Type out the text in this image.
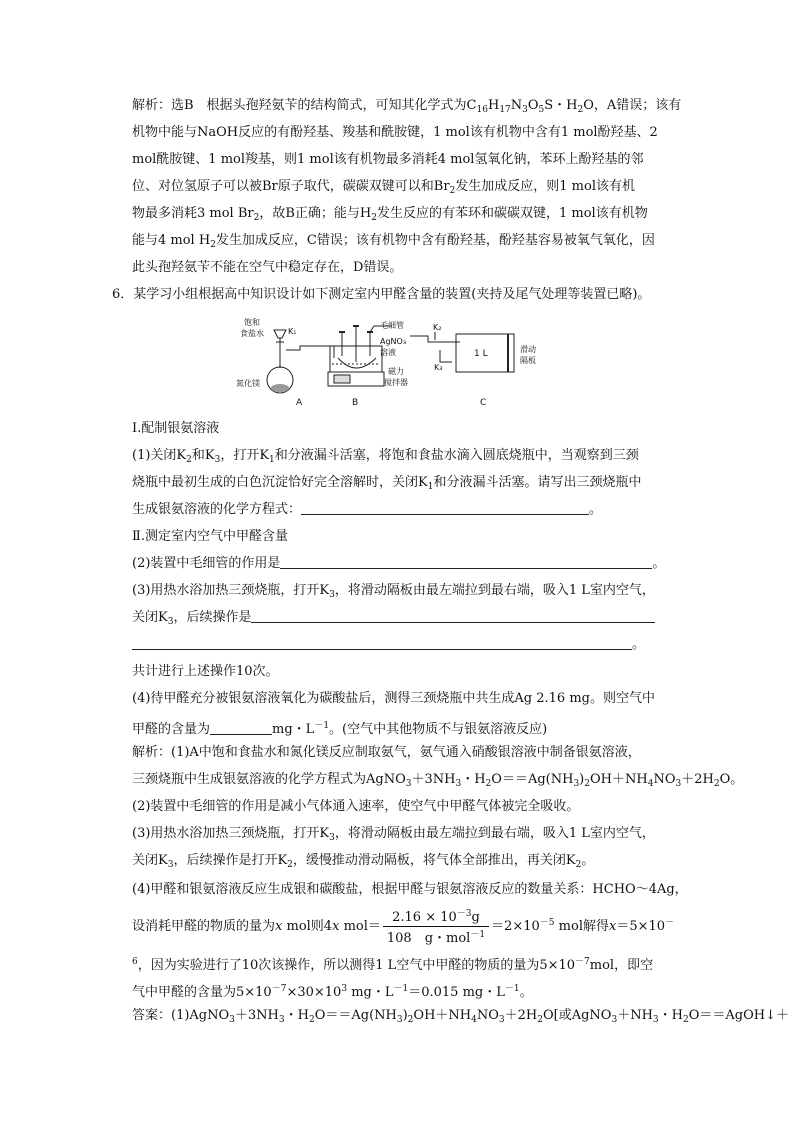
解析：选B　根据头孢羟氨苄的结构简式，可知其化学式为$C_{16}H_{17}N_3O_5S$・$H_2O$，A错误；该有
机物中能与NaOH反应的有酚羟基、羧基和酰胺键，1 mol该有机物中含有1 mol酚羟基、2
mol酰胺键、1 mol羧基，则1 mol该有机物最多消耗4 mol氢氧化钠，苯环上酚羟基的邻
位、对位氢原子可以被Br原子取代，碳碳双键可以和$Br_2$发生加成反应，则1 mol该有机
物最多消耗3 mol $Br_2$，故B正确；能与$H_2$发生反应的有苯环和碳碳双键，1 mol该有机物
能与4 mol $H_2$发生加成反应，C错误；该有机物中含有酚羟基，酚羟基容易被氧气氧化，因
此头孢羟氨苄不能在空气中稳定存在，D错误。
6．某学习小组根据高中知识设计如下测定室内甲醛含量的装置(夹持及尾气处理等装置已略)。
饱和
食盐水	K₁
氮化镁
毛细管
AgNO₃
溶液
磁力
搅拌器
K₂
K₃
1 L	滑动
隔板
A	B	C
Ⅰ.配制银氨溶液
(1)关闭$K_2$和$K_3$，打开$K_1$和分液漏斗活塞，将饱和食盐水滴入圆底烧瓶中，当观察到三颈
烧瓶中最初生成的白色沉淀恰好完全溶解时，关闭$K_1$和分液漏斗活塞。请写出三颈烧瓶中
生成银氨溶液的化学方程式：	。
Ⅱ.测定室内空气中甲醛含量
(2)装置中毛细管的作用是	。
(3)用热水浴加热三颈烧瓶，打开$K_3$，将滑动隔板由最左端拉到最右端，吸入1 L室内空气，
关闭$K_3$，后续操作是
。
共计进行上述操作10次。
(4)待甲醛充分被银氨溶液氧化为碳酸盐后，测得三颈烧瓶中共生成Ag 2.16 mg。则空气中
甲醛的含量为	mg・$L^{-1}$。(空气中其他物质不与银氨溶液反应)
解析：(1)A中饱和食盐水和氮化镁反应制取氨气，氨气通入硝酸银溶液中制备银氨溶液，
三颈烧瓶中生成银氨溶液的化学方程式为$AgNO_3+3NH_3$・$H_2O==Ag(NH_3)_2OH+NH_4NO_3+2H_2O$。
(2)装置中毛细管的作用是减小气体通入速率，使空气中甲醛气体被完全吸收。
(3)用热水浴加热三颈烧瓶，打开$K_3$，将滑动隔板由最左端拉到最右端，吸入1 L室内空气，
关闭$K_3$，后续操作是打开$K_2$，缓慢推动滑动隔板，将气体全部推出，再关闭$K_2$。
(4)甲醛和银氨溶液反应生成银和碳酸盐，根据甲醛与银氨溶液反应的数量关系：HCHO～4Ag，
设消耗甲醛的物质的量为x mol则4x $mol= \frac{2.16 \times 10^{-3}g}{108 g・mol^{-1}} =2\times 10^{-5}$ mol解得x＝5×10－
$^6$，因为实验进行了10次该操作，所以测得1 L空气中甲醛的物质的量为$5\times 10^{-7}mol$，即空
气中甲醛的含量为$5\times 10^{-7}\times 30\times 10^3$ mg・$L^{-1}=0.015$ mg・$L^{-1}$。
答案：$(1)AgNO_3+3NH_3$・$H_2O==Ag(NH_3)_2OH+NH_4NO_3+2H_2O$[或$AgNO_3+NH_3$・$H_2O==AgOH↓+$
